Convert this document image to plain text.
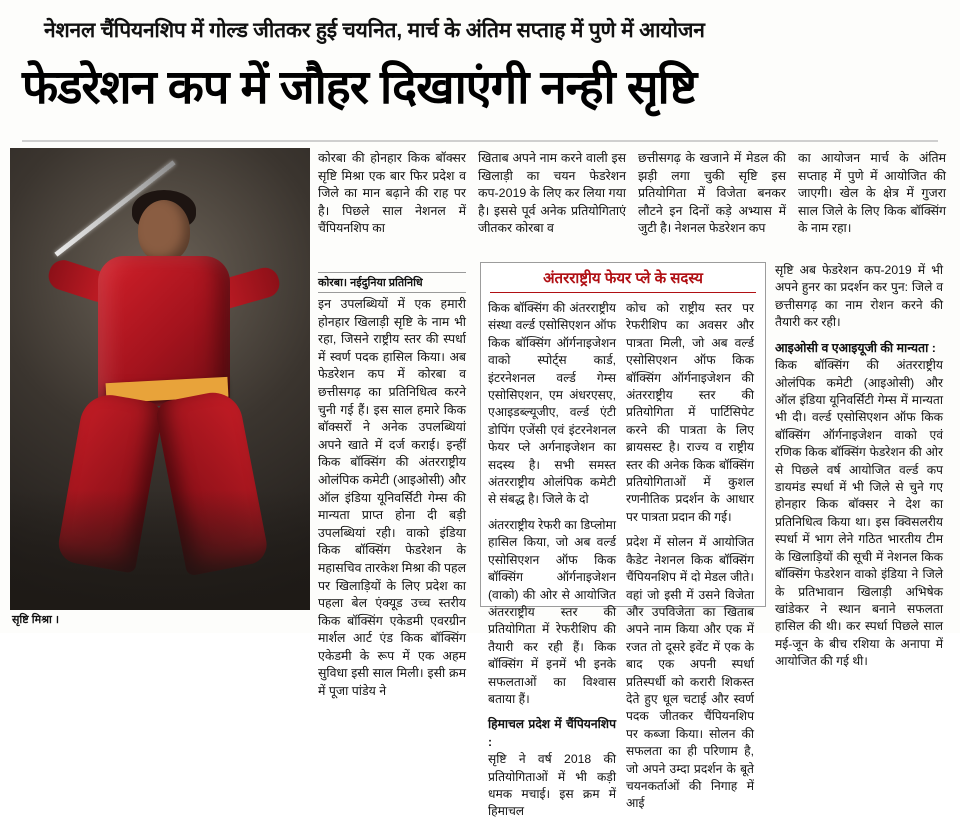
नेशनल चैंपियनशिप में गोल्ड जीतकर हुई चयनित, मार्च के अंतिम सप्ताह में पुणे में आयोजन
फेडरेशन कप में जौहर दिखाएंगी नन्ही सृष्टि
सृष्टि मिश्रा ।
कोरबा की होनहार किक बॉक्सर सृष्टि मिश्रा एक बार फिर प्रदेश व जिले का मान बढ़ाने की राह पर है। पिछले साल नेशनल में चैंपियनशिप का
खिताब अपने नाम करने वाली इस खिलाड़ी का चयन फेडरेशन कप-2019 के लिए कर लिया गया है। इससे पूर्व अनेक प्रतियोगिताएं जीतकर कोरबा व
छत्तीसगढ़ के खजाने में मेडल की झड़ी लगा चुकी सृष्टि इस प्रतियोगिता में विजेता बनकर लौटने इन दिनों कड़े अभ्यास में जुटी है। नेशनल फेडरेशन कप
का आयोजन मार्च के अंतिम सप्ताह में पुणे में आयोजित की जाएगी। खेल के क्षेत्र में गुजरा साल जिले के लिए किक बॉक्सिंग के नाम रहा।
कोरबा। नईदुनिया प्रतिनिधि
इन उपलब्धियों में एक हमारी होनहार खिलाड़ी सृष्टि के नाम भी रहा, जिसने राष्ट्रीय स्तर की स्पर्धा में स्वर्ण पदक हासिल किया। अब फेडरेशन कप में कोरबा व छत्तीसगढ़ का प्रतिनिधित्व करने चुनी गई हैं। इस साल हमारे किक बॉक्सरों ने अनेक उपलब्धियां अपने खाते में दर्ज कराई। इन्हीं किक बॉक्सिंग की अंतरराष्ट्रीय ओलंपिक कमेटी (आइओसी) और ऑल इंडिया यूनिवर्सिटी गेम्स की मान्यता प्राप्त होना दी बड़ी उपलब्धियां रही। वाको इंडिया किक बॉक्सिंग फेडरेशन के महासचिव तारकेश मिश्रा की पहल पर खिलाड़ियों के लिए प्रदेश का पहला बेल एंक्यूड उच्च स्तरीय किक बॉक्सिंग एकेडमी एवरग्रीन मार्शल आर्ट एंड किक बॉक्सिंग एकेडमी के रूप में एक अहम सुविधा इसी साल मिली। इसी क्रम में पूजा पांडेय ने
अंतरराष्ट्रीय फेयर प्ले के सदस्य
किक बॉक्सिंग की अंतरराष्ट्रीय संस्था वर्ल्ड एसोसिएशन ऑफ किक बॉक्सिंग ऑर्गनाइजेशन वाको स्पोर्ट्स कार्ड, इंटरनेशनल वर्ल्ड गेम्स एसोसिएशन, एम अंधरएसए, एआइडब्ल्यूजीए, वर्ल्ड एंटी डोपिंग एजेंसी एवं इंटरनेशनल फेयर प्ले अर्गनाइजेशन का सदस्य है। सभी समस्त अंतरराष्ट्रीय ओलंपिक कमेटी से संबद्ध है। जिले के दो
अंतरराष्ट्रीय रेफरी का डिप्लोमा हासिल किया, जो अब वर्ल्ड एसोसिएशन ऑफ किक बॉक्सिंग ऑर्गनाइजेशन (वाको) की ओर से आयोजित अंतरराष्ट्रीय स्तर की प्रतियोगिता में रेफरीशिप की तैयारी कर रही हैं। किक बॉक्सिंग में इनमें भी इनके सफलताओं का विश्वास बताया हैं।
हिमाचल प्रदेश में चैंपियनशिप :
सृष्टि ने वर्ष 2018 की प्रतियोगिताओं में भी कड़ी धमक मचाई। इस क्रम में हिमाचल
कोच को राष्ट्रीय स्तर पर रेफरीशिप का अवसर और पात्रता मिली, जो अब वर्ल्ड एसोसिएशन ऑफ किक बॉक्सिंग ऑर्गनाइजेशन की अंतरराष्ट्रीय स्तर की प्रतियोगिता में पार्टिसिपेट करने की पात्रता के लिए ब्रायसस्ट है। राज्य व राष्ट्रीय स्तर की अनेक किक बॉक्सिंग प्रतियोगिताओं में कुशल रणनीतिक प्रदर्शन के आधार पर पात्रता प्रदान की गई।
प्रदेश में सोलन में आयोजित कैडेट नेशनल किक बॉक्सिंग चैंपियनशिप में दो मेडल जीते। वहां जो इसी में उसने विजेता और उपविजेता का खिताब अपने नाम किया और एक में रजत तो दूसरे इवेंट में एक के बाद एक अपनी स्पर्धा प्रतिस्पर्धी को करारी शिकस्त देते हुए धूल चटाई और स्वर्ण पदक जीतकर चैंपियनशिप पर कब्जा किया। सोलन की सफलता का ही परिणाम है, जो अपने उम्दा प्रदर्शन के बूते चयनकर्ताओं की निगाह में आई
सृष्टि अब फेडरेशन कप-2019 में भी अपने हुनर का प्रदर्शन कर पुन: जिले व छत्तीसगढ़ का नाम रोशन करने की तैयारी कर रही।
आइओसी व एआइयूजी की मान्यता :
किक बॉक्सिंग की अंतरराष्ट्रीय ओलंपिक कमेटी (आइओसी) और ऑल इंडिया यूनिवर्सिटी गेम्स में मान्यता भी दी। वर्ल्ड एसोसिएशन ऑफ किक बॉक्सिंग ऑर्गनाइजेशन वाको एवं रणिक किक बॉक्सिंग फेडरेशन की ओर से पिछले वर्ष आयोजित वर्ल्ड कप डायमंड स्पर्धा में भी जिले से चुने गए होनहार किक बॉक्सर ने देश का प्रतिनिधित्व किया था। इस क्विसलरीय स्पर्धा में भाग लेने गठित भारतीय टीम के खिलाड़ियों की सूची में नेशनल किक बॉक्सिंग फेडरेशन वाको इंडिया ने जिले के प्रतिभावान खिलाड़ी अभिषेक खांडेकर ने स्थान बनाने सफलता हासिल की थी। कर स्पर्धा पिछले साल मई-जून के बीच रशिया के अनापा में आयोजित की गई थी।
